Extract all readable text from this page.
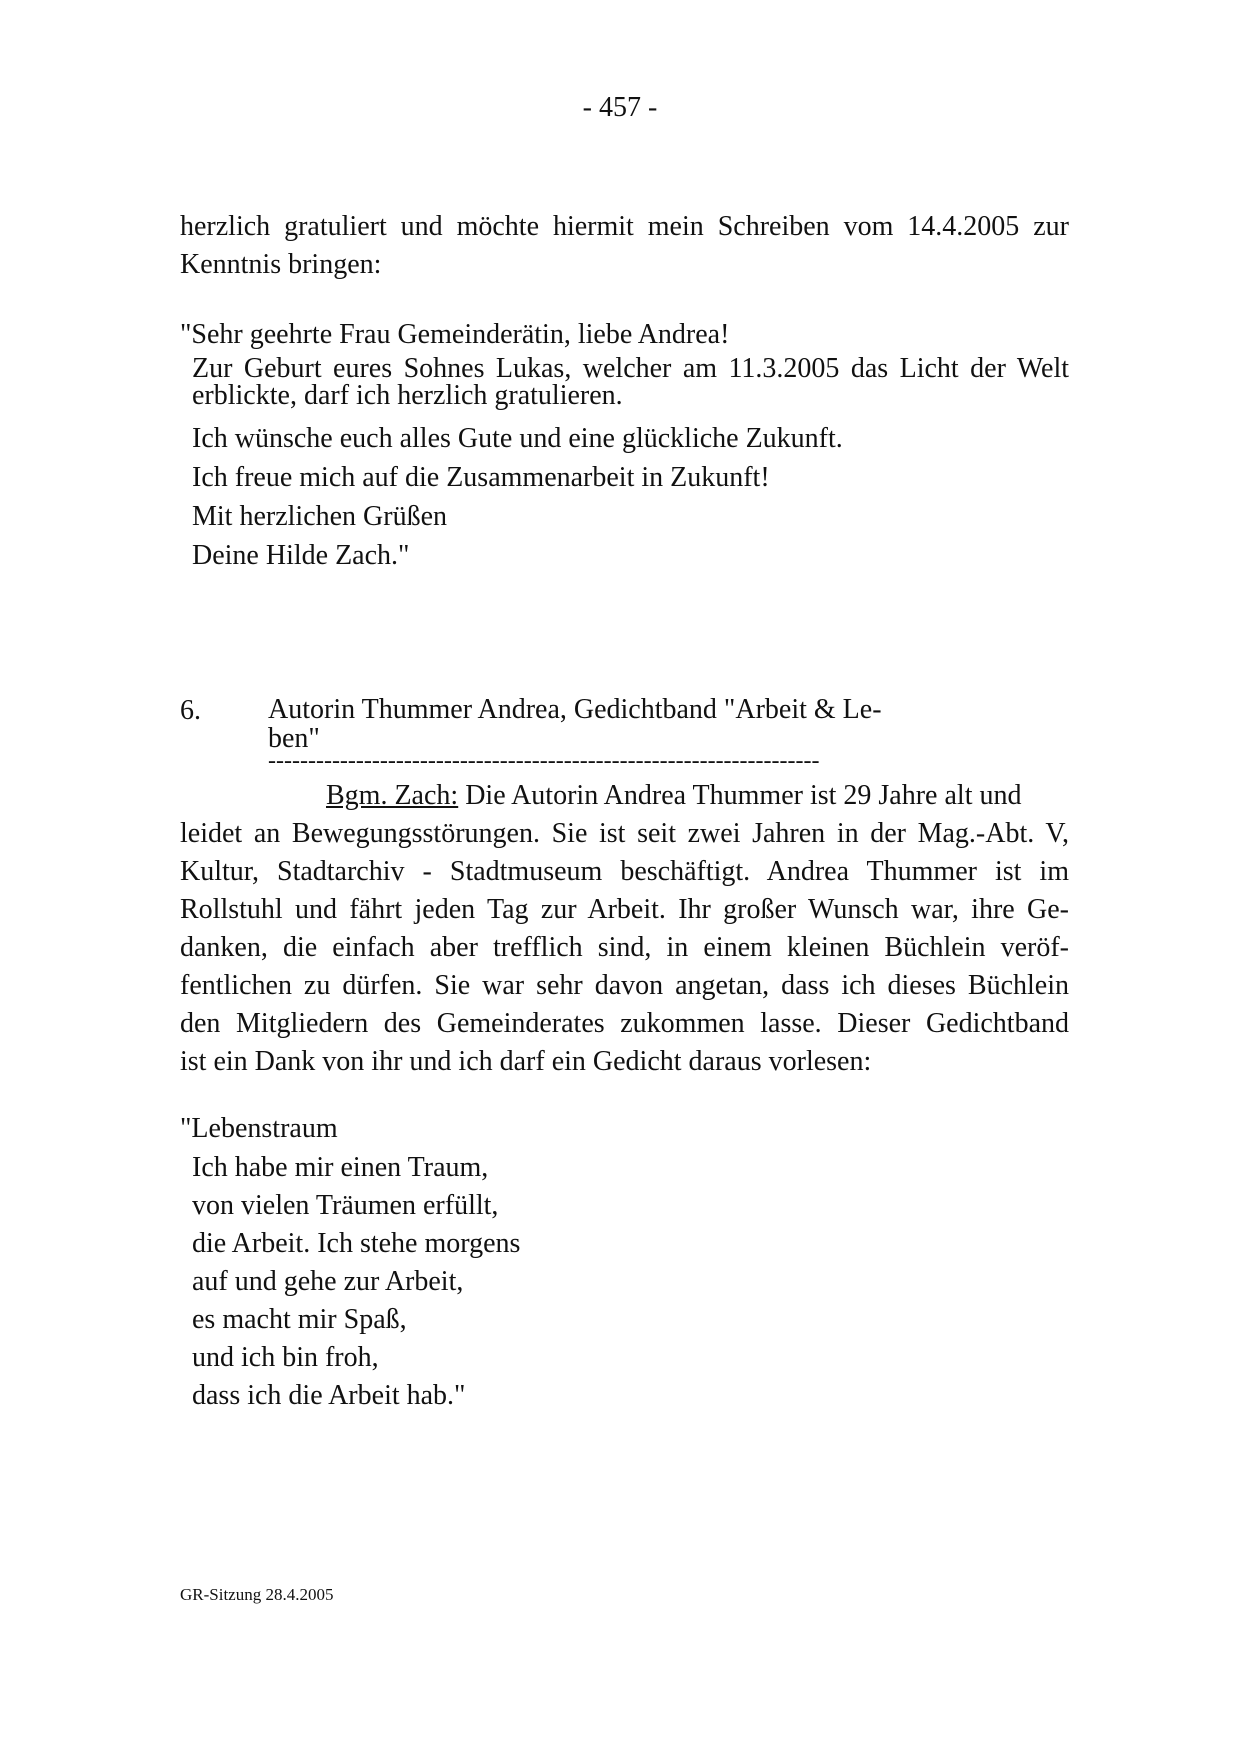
- 457 -
herzlich gratuliert und möchte hiermit mein Schreiben vom 14.4.2005 zur
Kenntnis bringen:
"Sehr geehrte Frau Gemeinderätin, liebe Andrea!
Zur Geburt eures Sohnes Lukas, welcher am 11.3.2005 das Licht der Welt
erblickte, darf ich herzlich gratulieren.
Ich wünsche euch alles Gute und eine glückliche Zukunft.
Ich freue mich auf die Zusammenarbeit in Zukunft!
Mit herzlichen Grüßen
Deine Hilde Zach."
6. Autorin Thummer Andrea, Gedichtband "Arbeit & Le-
ben"
---------------------------------------------------------------------
Bgm. Zach: Die Autorin Andrea Thummer ist 29 Jahre alt und
leidet an Bewegungsstörungen. Sie ist seit zwei Jahren in der Mag.-Abt. V,
Kultur, Stadtarchiv - Stadtmuseum beschäftigt. Andrea Thummer ist im
Rollstuhl und fährt jeden Tag zur Arbeit. Ihr großer Wunsch war, ihre Ge-
danken, die einfach aber trefflich sind, in einem kleinen Büchlein veröf-
fentlichen zu dürfen. Sie war sehr davon angetan, dass ich dieses Büchlein
den Mitgliedern des Gemeinderates zukommen lasse. Dieser Gedichtband
ist ein Dank von ihr und ich darf ein Gedicht daraus vorlesen:
"Lebenstraum
Ich habe mir einen Traum,
von vielen Träumen erfüllt,
die Arbeit. Ich stehe morgens
auf und gehe zur Arbeit,
es macht mir Spaß,
und ich bin froh,
dass ich die Arbeit hab."
GR-Sitzung 28.4.2005
